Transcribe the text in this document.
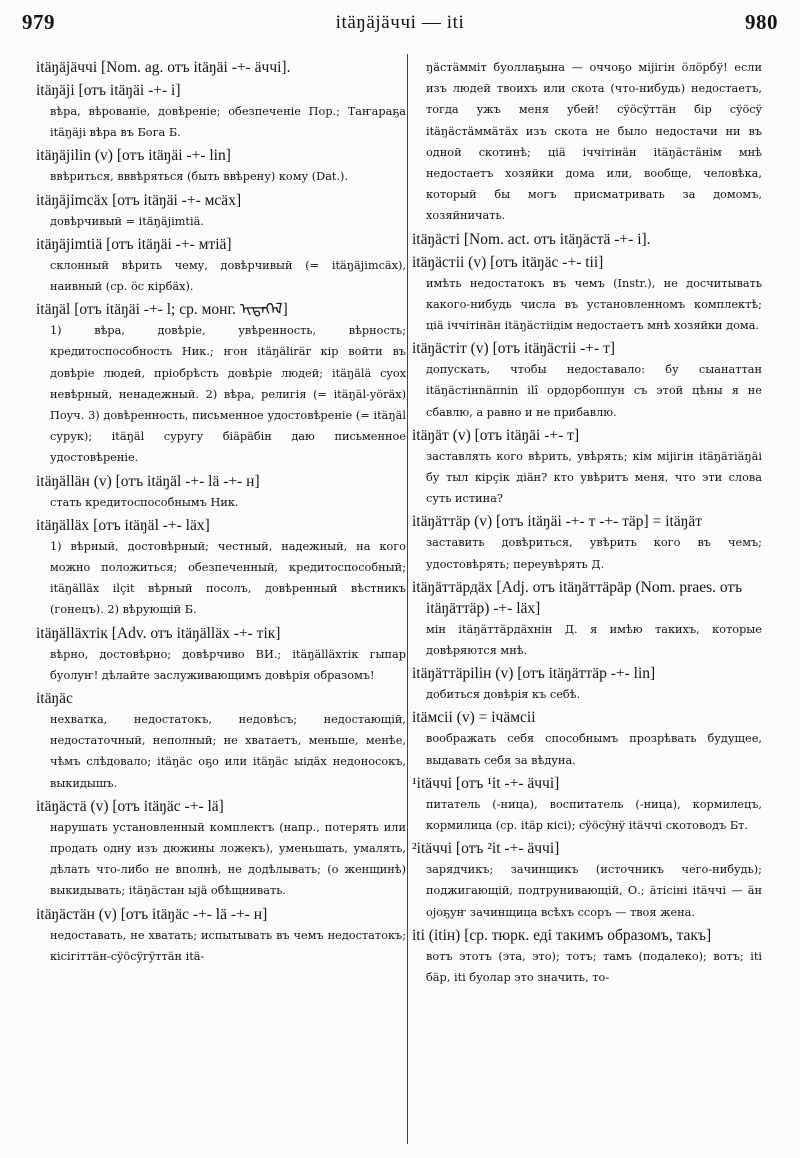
979	itäŋäjäччi — iti	980
itäŋäjäччi [Nom. ag. отъ itäŋäi -+- äччi].
itäŋäji [отъ itäŋäi -+- i]
вѣра, вѣрованіе, довѣреніе; обезпеченіе Пор.; Таҥараҕа itäŋäji вѣра въ Бога Б.
itäŋäjilin (v) [отъ itäŋäi -+- lin]
ввѣриться, вввѣряться (быть ввѣрену) кому (Dat.).
itäŋäjimсäx [отъ itäŋäi -+- мсäx]
довѣрчивый = itäŋäjimtiä.
itäŋäjimtiä [отъ itäŋäi -+- мтiä]
склонный вѣрить чему, довѣрчивый (= itäŋäjimсäx), наивный (ср. öс кiрбäx).
itäŋäl [отъ itäŋäi -+- l; ср. монг. ᠢᠲᠡᠭᠡᠯ]
1) вѣра, довѣріе, увѣренность, вѣрность; кредитоспособность Ник.; ҥон itäŋälirär кiр войти въ довѣріе людей, пріобрѣсть довѣріе людей; itäŋälä сyox невѣрный, ненадежный. 2) вѣра, религія (= itäŋäl-yöräx) Поуч. 3) довѣренность, письменное удостовѣреніе (= itäŋäl сурук); itäŋäl суругу біäрäбiн даю письменное удостовѣреніе.
itäŋälläн (v) [отъ itäŋäl -+- lä -+- н]
стать кредитоспособнымъ Ник.
itäŋälläx [отъ itäŋäl -+- läx]
1) вѣрный, достовѣрный; честный, надежный, на кого можно положиться; обезпеченный, кредитоспособный; itäŋälläx ilçit вѣрный посолъ, довѣренный вѣстникъ (гонецъ). 2) вѣрующій Б.
itäŋälläxтiк [Adv. отъ itäŋälläx -+- тiк]
вѣрно, достовѣрно; довѣрчиво ВИ.; itäŋälläxтiк гыпар буолуҥ! дѣлайте заслуживающимъ довѣрія образомъ!
itäŋäс
нехватка, недостатокъ, недовѣсъ; недостающій, недостаточный, неполный; не хватаетъ, меньше, менѣе, чѣмъ слѣдовало; itäŋäс оҕо или itäŋäс ыiдäх недоносокъ, выкидышъ.
itäŋäстä (v) [отъ itäŋäс -+- lä]
нарушать установленный комплектъ (напр., потерять или продать одну изъ дюжины ложекъ), уменьшать, умалять, дѣлать что-либо не вполнѣ, не додѣлывать; (о женщинѣ) выкидывать; itäŋäстан ыjä обѣщнивать.
itäŋäстäн (v) [отъ itäŋäс -+- lä -+- н]
недоставать, не хватать; испытывать въ чемъ недостатокъ; кiсiгiттäн-сÿöсÿгÿттäн itä-
ŋäстäммiт буоллаҕына — оччоҕо мiјiгiн öлöрбӱ! если изъ людей твоихъ или скота (что-нибудь) недостаетъ, тогда ужъ меня убей! сÿöсÿттäн бір сÿöсÿ itäŋäстäммäтäх изъ скота не было недостачи ни въ одной скотинѣ; ціä iччiтiнäн itäŋäстäнiм мнѣ недостаетъ хозяйки дома или, вообще, человѣка, который бы могъ присматривать за домомъ, хозяйничать.
itäŋäстi [Nom. act. отъ itäŋäстä -+- i].
itäŋäстii (v) [отъ itäŋäс -+- tii]
имѣть недостатокъ въ чемъ (Instr.), не досчитывать какого-нибудь числа въ установленномъ комплектѣ; ціä iччiтiнäн itäŋäстiiдiм недостаетъ мнѣ хозяйки дома.
itäŋäстiт (v) [отъ itäŋäстii -+- т]
допускать, чтобы недоставало: бу сыанаттан itäŋäстiнnäпnin ilî ордорбоппун съ этой цѣны я не сбавлю, а равно и не прибавлю.
itäŋäт (v) [отъ itäŋäi -+- т]
заставлять кого вѣрить, увѣрять; кiм мijiгiн itäŋäтiäŋäi бу тыл кiрçiк дiäн? кто увѣритъ меня, что эти слова суть истина?
itäŋäттäр (v) [отъ itäŋäi -+- т -+- тäр] = itäŋäт
заставить довѣриться, увѣрить кого въ чемъ; удостовѣрять; переувѣрять Д.
itäŋäттäрдäx [Adj. отъ itäŋäттäрäр (Nom. praes. отъ itäŋäттäр) -+- läx]
мiн itäŋäттäрдäxнiн Д. я имѣю такихъ, которые довѣряются мнѣ.
itäŋäттäрiliн (v) [отъ itäŋäттäр -+- lin]
добиться довѣрія къ себѣ.
itäмсii (v) = iчäмсii
воображать себя способнымъ прозрѣвать будущее, выдавать себя за вѣдуна.
¹itäччi [отъ ¹it -+- äччi]
питатель (-ница), воспитатель (-ница), кормилецъ, кормилица (ср. itäр кiсi); сÿöсÿнÿ itäччi скотоводъ Бт.
²itäччi [отъ ²it -+- äччi]
зарядчикъ; зачинщикъ (источникъ чего-нибудь); поджигающій, подтрунивающій, О.; äтiсiнi itäччi — äн оjоҕуҥ зачинщица всѣхъ ссоръ — твоя жена.
iti (itiн) [ср. тюрк. едi такимъ образомъ, такъ]
вотъ этотъ (эта, это); тотъ; тамъ (подалеко); вотъ; iti бäр, iti буолар это значить, то-
